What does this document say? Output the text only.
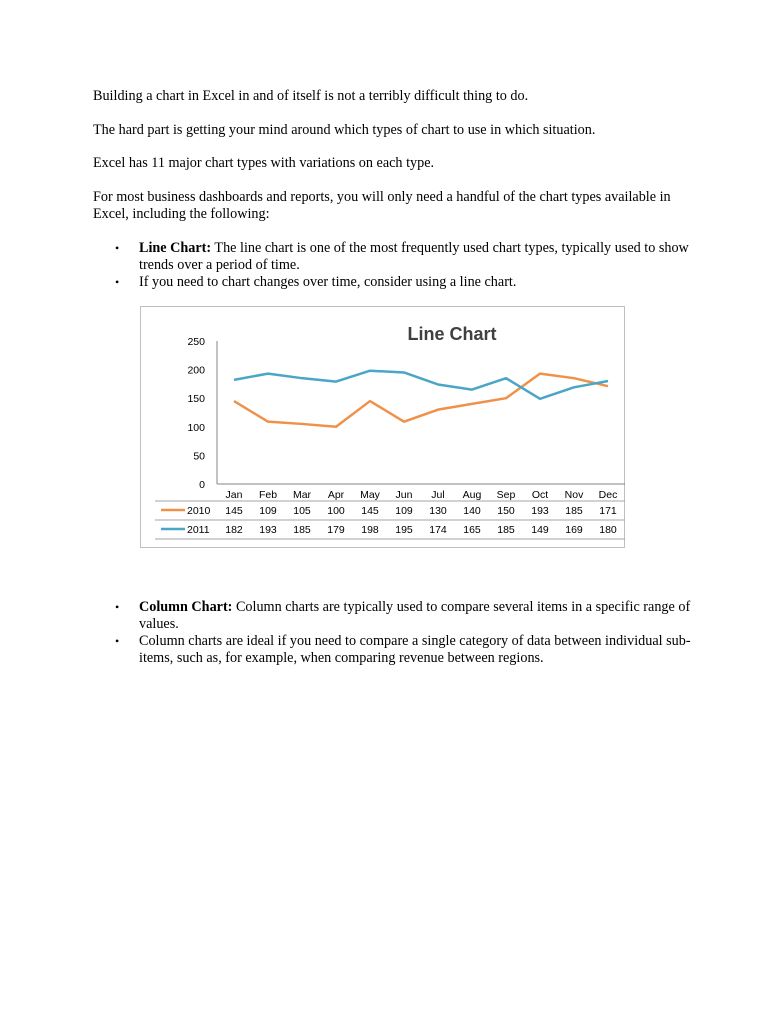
Building a chart in Excel in and of itself is not a terribly difficult thing to do.

The hard part is getting your mind around which types of chart to use in which situation.

Excel has 11 major chart types with variations on each type.

For most business dashboards and reports, you will only need a handful of the chart types available in Excel, including the following:

• Line Chart: The line chart is one of the most frequently used chart types, typically used to show trends over a period of time.
• If you need to chart changes over time, consider using a line chart.
0
50
100
150
200
250
Jan Feb Mar Apr May Jun Jul Aug Sep Oct Nov Dec
2010 145 109 105 100 145 109 130 140 150 193 185 171
2011 182 193 185 179 198 195 174 165 185 149 169 180
Line Chart
• Column Chart: Column charts are typically used to compare several items in a specific range of values.
• Column charts are ideal if you need to compare a single category of data between individual sub-items, such as, for example, when comparing revenue between regions.
